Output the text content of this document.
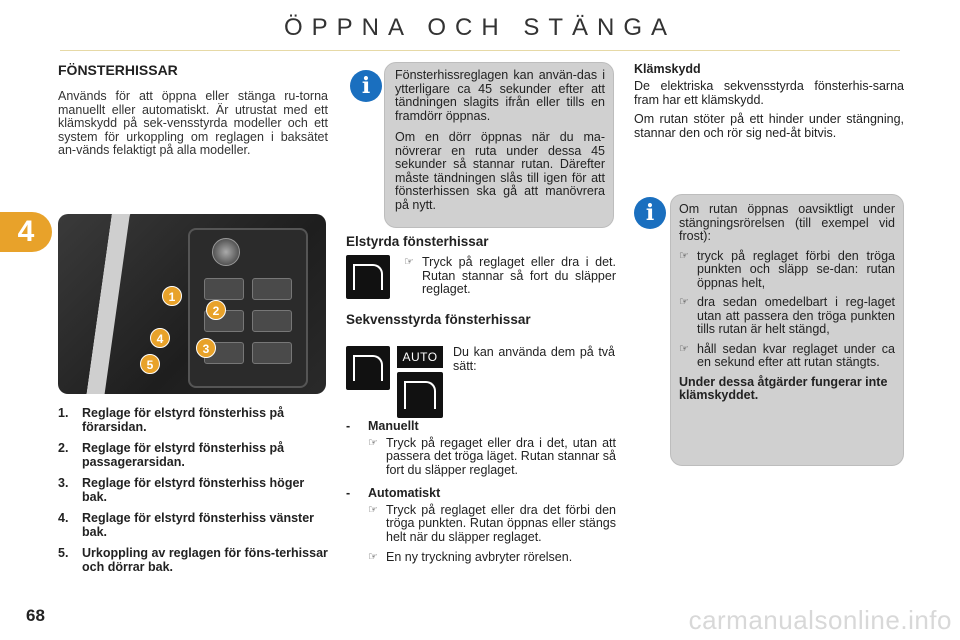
ÖPPNA OCH STÄNGA
4
68	carmanualsonline.info
FÖNSTERHISSAR
Används för att öppna eller stänga ru-torna manuellt eller automatiskt. Är utrustat med ett klämskydd på sek-vensstyrda modeller och ett system för urkoppling om reglagen i baksätet an-vänds felaktigt på alla modeller.
1
2
3
4
5
1.	Reglage för elstyrd fönsterhiss på förarsidan.
2.	Reglage för elstyrd fönsterhiss på passagerarsidan.
3.	Reglage för elstyrd fönsterhiss höger bak.
4.	Reglage för elstyrd fönsterhiss vänster bak.
5.	Urkoppling av reglagen för föns-terhissar och dörrar bak.
i	Fönsterhissreglagen kan använ-das i ytterligare ca 45 sekunder efter att tändningen slagits ifrån eller tills en framdörr öppnas.

Om en dörr öppnas när du ma-növrerar en ruta under dessa 45 sekunder så stannar rutan. Därefter måste tändningen slås till igen för att fönsterhissen ska gå att manövrera på nytt.

Elstyrda fönsterhissar
☞ Tryck på reglaget eller dra i det. Rutan stannar så fort du släpper reglaget.
Sekvensstyrda fönsterhissar
AUTO	Du kan använda dem på två sätt:
-	Manuellt
☞ Tryck på regaget eller dra i det, utan att passera det tröga läget. Rutan stannar så fort du släpper reglaget.
-	Automatiskt
☞ Tryck på reglaget eller dra det förbi den tröga punkten. Rutan öppnas eller stängs helt när du släpper reglaget.
☞ En ny tryckning avbryter rörelsen.
Klämskydd
De elektriska sekvensstyrda fönsterhis-sarna fram har ett klämskydd.
Om rutan stöter på ett hinder under stängning, stannar den och rör sig ned-åt bitvis.
i	Om rutan öppnas oavsiktligt under stängningsrörelsen (till exempel vid frost):
☞ tryck på reglaget förbi den tröga punkten och släpp se-dan: rutan öppnas helt,
☞ dra sedan omedelbart i reg-laget utan att passera den tröga punkten tills rutan är helt stängd,
☞ håll sedan kvar reglaget under ca en sekund efter att rutan stängts.
Under dessa åtgärder fungerar inte klämskyddet.
